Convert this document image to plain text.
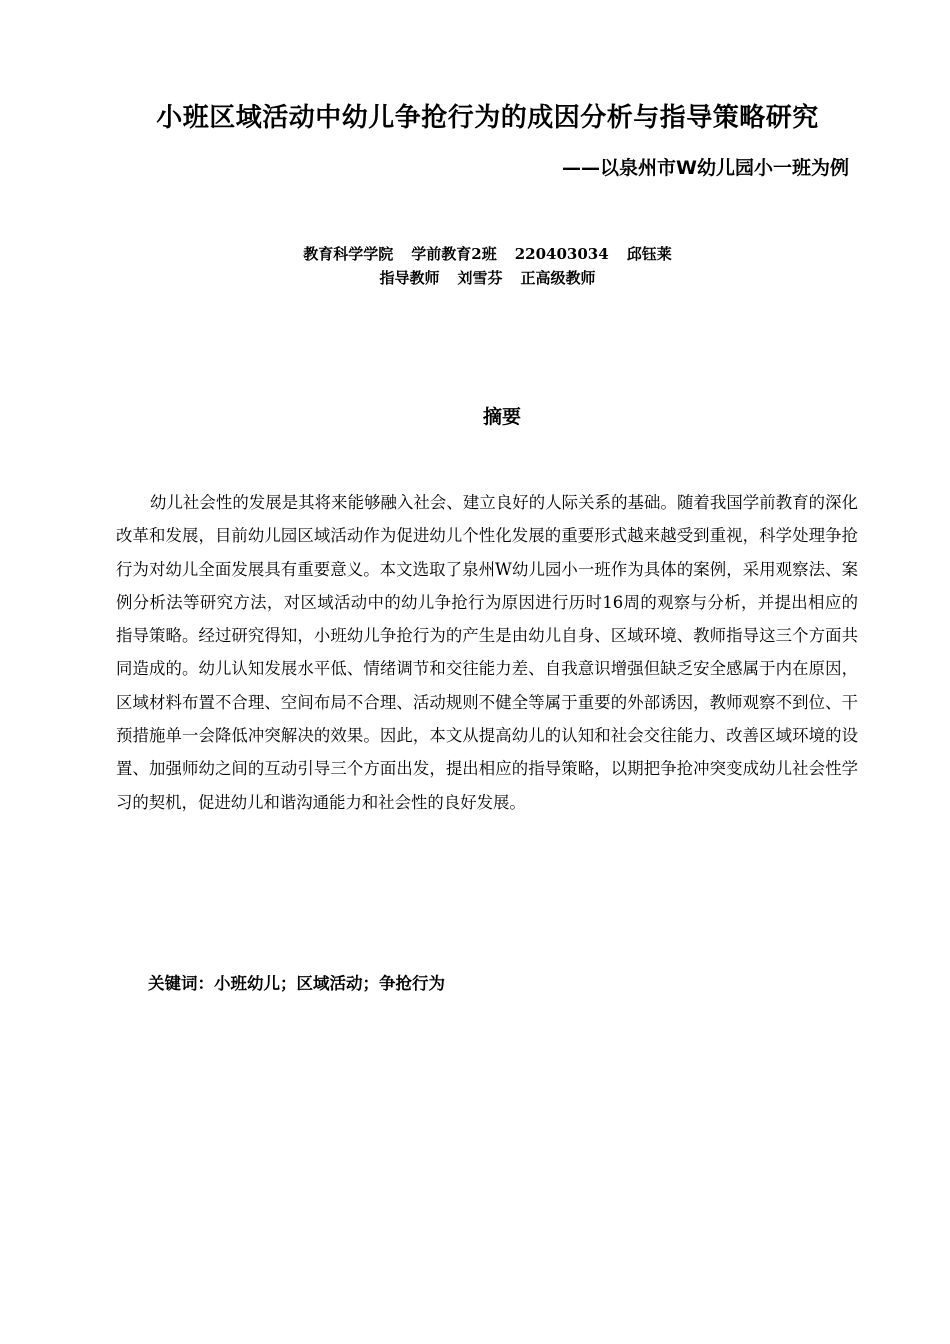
小班区域活动中幼儿争抢行为的成因分析与指导策略研究
——以泉州市W幼儿园小一班为例
教育科学学院 学前教育2班 220403034 邱钰莱
指导教师 刘雪芬 正高级教师
摘要

幼儿社会性的发展是其将来能够融入社会、建立良好的人际关系的基础。随着我国学前教育的深化改革和发展，目前幼儿园区域活动作为促进幼儿个性化发展的重要形式越来越受到重视，科学处理争抢行为对幼儿全面发展具有重要意义。本文选取了泉州W幼儿园小一班作为具体的案例，采用观察法、案例分析法等研究方法，对区域活动中的幼儿争抢行为原因进行历时16周的观察与分析，并提出相应的指导策略。经过研究得知，小班幼儿争抢行为的产生是由幼儿自身、区域环境、教师指导这三个方面共同造成的。幼儿认知发展水平低、情绪调节和交往能力差、自我意识增强但缺乏安全感属于内在原因，区域材料布置不合理、空间布局不合理、活动规则不健全等属于重要的外部诱因，教师观察不到位、干预措施单一会降低冲突解决的效果。因此，本文从提高幼儿的认知和社会交往能力、改善区域环境的设置、加强师幼之间的互动引导三个方面出发，提出相应的指导策略，以期把争抢冲突变成幼儿社会性学习的契机，促进幼儿和谐沟通能力和社会性的良好发展。

关键词：小班幼儿；区域活动；争抢行为
